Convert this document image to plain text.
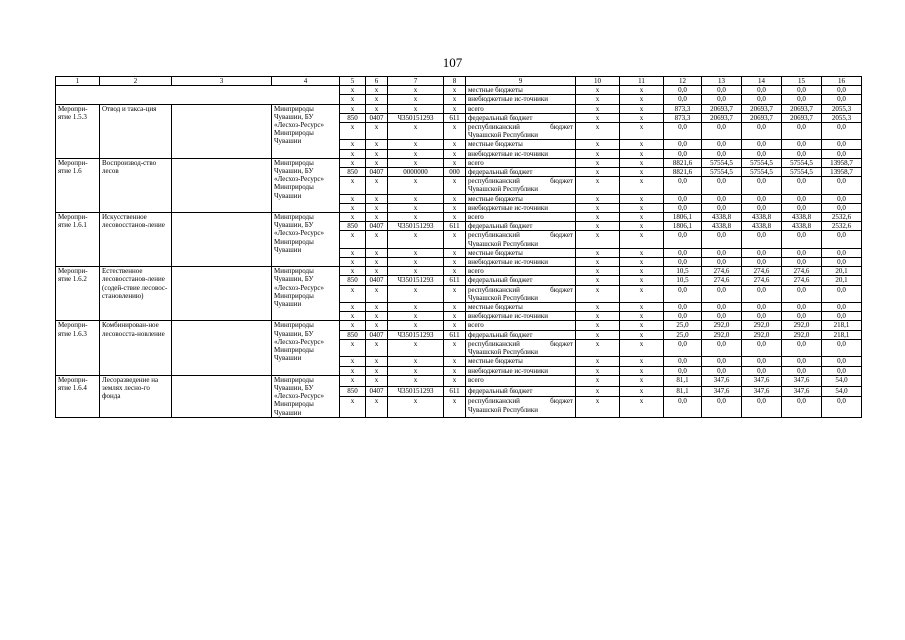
107
1	2	3	4	5	6	7	8	9	10	11	12	13	14	15	16
				x	x	x	x	местные бюджеты	x	x	0,0	0,0	0,0	0,0	0,0
				x	x	x	x	внебюджетные ис-точники	x	x	0,0	0,0	0,0	0,0	0,0
Меропри-ятие 1.5.3	Отвод и такса-ция		Минприроды Чувашии, БУ «Лесхоз-Ресурс» Минприроды Чувашии	x	x	x	x	всего	x	x	873,3	20693,7	20693,7	20693,7	2055,3
				850	0407	Ч350151293	611	федеральный бюджет	x	x	873,3	20693,7	20693,7	20693,7	2055,3
				x	x	x	x	республиканский бюджет Чувашской Республики	x	x	0,0	0,0	0,0	0,0	0,0
				x	x	x	x	местные бюджеты	x	x	0,0	0,0	0,0	0,0	0,0
				x	x	x	x	внебюджетные ис-точники	x	x	0,0	0,0	0,0	0,0	0,0
Меропри-ятие 1.6	Воспроизвод-ство лесов		Минприроды Чувашии, БУ «Лесхоз-Ресурс» Минприроды Чувашии	x	x	x	x	всего	x	x	8821,6	57554,5	57554,5	57554,5	13958,7
				850	0407	0000000	000	федеральный бюджет	x	x	8821,6	57554,5	57554,5	57554,5	13958,7
				x	x	x	x	республиканский бюджет Чувашской Республики	x	x	0,0	0,0	0,0	0,0	0,0
				x	x	x	x	местные бюджеты	x	x	0,0	0,0	0,0	0,0	0,0
				x	x	x	x	внебюджетные ис-точники	x	x	0,0	0,0	0,0	0,0	0,0
Меропри-ятие 1.6.1	Искусственное лесовосстанов-ление		Минприроды Чувашии, БУ «Лесхоз-Ресурс» Минприроды Чувашии	x	x	x	x	всего	x	x	1806,1	4338,8	4338,8	4338,8	2532,6
				850	0407	Ч350151293	611	федеральный бюджет	x	x	1806,1	4338,8	4338,8	4338,8	2532,6
				x	x	x	x	республиканский бюджет Чувашской Республики	x	x	0,0	0,0	0,0	0,0	0,0
				x	x	x	x	местные бюджеты	x	x	0,0	0,0	0,0	0,0	0,0
				x	x	x	x	внебюджетные ис-точники	x	x	0,0	0,0	0,0	0,0	0,0
Меропри-ятие 1.6.2	Естественное лесовосстанов-ление (содей-ствие лесовос-становлению)		Минприроды Чувашии, БУ «Лесхоз-Ресурс» Минприроды Чувашии	x	x	x	x	всего	x	x	10,5	274,6	274,6	274,6	20,1
				850	0407	Ч350151293	611	федеральный бюджет	x	x	10,5	274,6	274,6	274,6	20,1
				x	x	x	x	республиканский бюджет Чувашской Республики	x	x	0,0	0,0	0,0	0,0	0,0
				x	x	x	x	местные бюджеты	x	x	0,0	0,0	0,0	0,0	0,0
				x	x	x	x	внебюджетные ис-точники	x	x	0,0	0,0	0,0	0,0	0,0
Меропри-ятие 1.6.3	Комбинирован-ное лесовосста-новление		Минприроды Чувашии, БУ «Лесхоз-Ресурс» Минприроды Чувашии	x	x	x	x	всего	x	x	25,0	292,0	292,0	292,0	218,1
				850	0407	Ч350151293	611	федеральный бюджет	x	x	25,0	292,0	292,0	292,0	218,1
				x	x	x	x	республиканский бюджет Чувашской Республики	x	x	0,0	0,0	0,0	0,0	0,0
				x	x	x	x	местные бюджеты	x	x	0,0	0,0	0,0	0,0	0,0
				x	x	x	x	внебюджетные ис-точники	x	x	0,0	0,0	0,0	0,0	0,0
Меропри-ятие 1.6.4	Лесоразведение на землях лесно-го фонда		Минприроды Чувашии, БУ «Лесхоз-Ресурс» Минприроды Чувашии	x	x	x	x	всего	x	x	81,1	347,6	347,6	347,6	54,0
				850	0407	Ч350151293	611	федеральный бюджет	x	x	81,1	347,6	347,6	347,6	54,0
				x	x	x	x	республиканский бюджет Чувашской Республики	x	x	0,0	0,0	0,0	0,0	0,0
